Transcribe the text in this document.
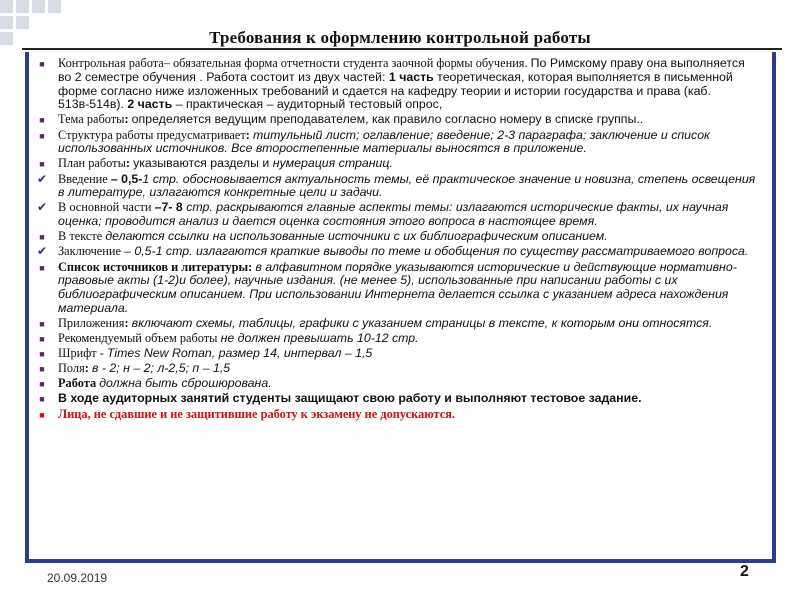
Требования к оформлению контрольной работы
■	Контрольная работа– обязательная форма отчетности студента заочной формы обучения. По Римскому праву она выполняется во 2 семестре обучения . Работа состоит из двух частей: 1 часть теоретическая, которая выполняется в письменной форме согласно ниже изложенных требований и сдается на кафедру теории и истории государства и права (каб. 513в-514в). 2 часть – практическая – аудиторный тестовый опрос,
■	Тема работы: определяется ведущим преподавателем, как правило согласно номеру в списке группы..
■	Структура работы предусматривает: титульный лист; оглавление; введение; 2-3 параграфа; заключение и список использованных источников. Все второстепенные материалы выносятся в приложение.
■	План работы: указываются разделы и нумерация страниц.
✔ Введение – 0,5-1 стр. обосновывается актуальность темы, её практическое значение и новизна, степень освещения в литературе, излагаются конкретные цели и задачи.
✔ В основной части –7- 8 стр. раскрываются главные аспекты темы: излагаются исторические факты, их научная оценка; проводится анализ и дается оценка состояния этого вопроса в настоящее время.
■	В тексте делаются ссылки на использованные источники с их библиографическим описанием.
✔ Заключение – 0,5-1 стр. излагаются краткие выводы по теме и обобщения по существу рассматриваемого вопроса.
■	Список источников и литературы: в алфавитном порядке указываются исторические и действующие нормативно-правовые акты (1-2)и более), научные издания. (не менее 5), использованные при написании работы с их библиографическим описанием. При использовании Интернета делается ссылка с указанием адреса нахождения материала.
■	Приложения: включают схемы, таблицы, графики с указанием страницы в тексте, к которым они относятся.
■	Рекомендуемый объем работы не должен превышать 10-12 стр.
■	Шрифт - Times New Roman, размер 14, интервал – 1,5
■	Поля: в - 2; н – 2; л-2,5; п – 1,5
■	Работа должна быть сброшюрована.
■	В ходе аудиторных занятий студенты защищают свою работу и выполняют тестовое задание.
■	Лица, не сдавшие и не защитившие работу к экзамену не допускаются.
20.09.2019	2
